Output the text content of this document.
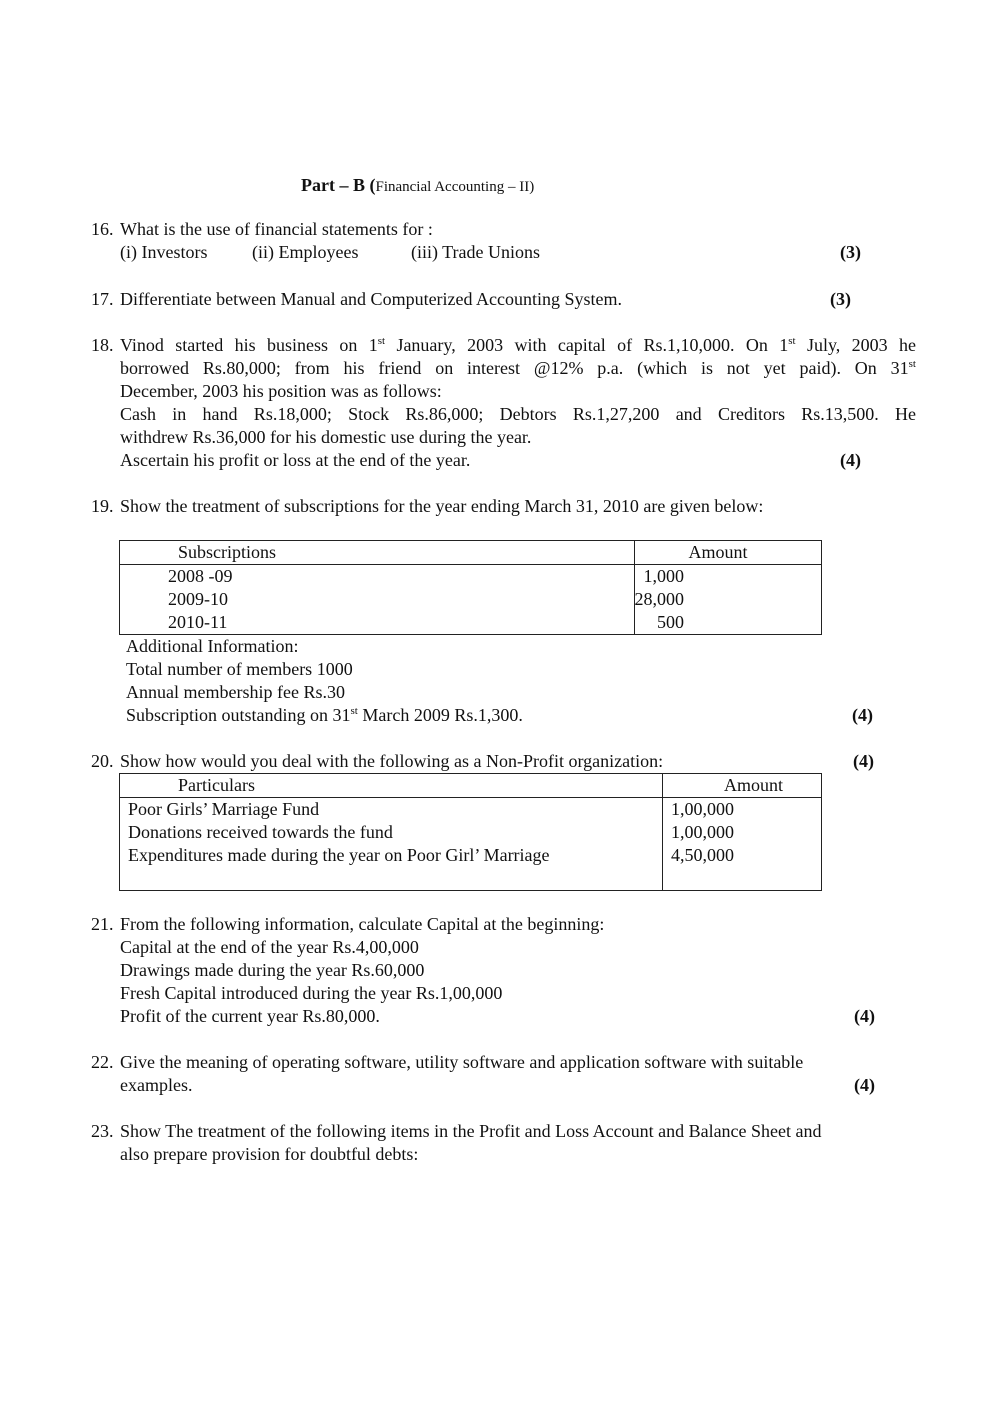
Part – B (Financial Accounting – II)
16. What is the use of financial statements for :
(i) Investors (ii) Employees	(iii) Trade Unions	(3)
17. Differentiate between Manual and Computerized Accounting System.	(3)
18. Vinod started his business on 1st January, 2003 with capital of Rs.1,10,000. On 1st July, 2003 he
borrowed Rs.80,000; from his friend on interest @12% p.a. (which is not yet paid). On 31st
December, 2003 his position was as follows:
Cash in hand Rs.18,000; Stock Rs.86,000; Debtors Rs.1,27,200 and Creditors Rs.13,500. He
withdrew Rs.36,000 for his domestic use during the year.
Ascertain his profit or loss at the end of the year.	(4)
19. Show the treatment of subscriptions for the year ending March 31, 2010 are given below:
Subscriptions	Amount
2008 -09	1,000
2009-10	28,000
2010-11	500
Additional Information:
Total number of members 1000
Annual membership fee Rs.30
Subscription outstanding on 31st March 2009 Rs.1,300.	(4)
20. Show how would you deal with the following as a Non-Profit organization:	(4)
Particulars	Amount
Poor Girls’ Marriage Fund	1,00,000
Donations received towards the fund	1,00,000
Expenditures made during the year on Poor Girl’ Marriage	4,50,000

21. From the following information, calculate Capital at the beginning:
Capital at the end of the year Rs.4,00,000
Drawings made during the year Rs.60,000
Fresh Capital introduced during the year Rs.1,00,000
Profit of the current year Rs.80,000.	(4)
22. Give the meaning of operating software, utility software and application software with suitable
examples.	(4)
23. Show The treatment of the following items in the Profit and Loss Account and Balance Sheet and
also prepare provision for doubtful debts:
